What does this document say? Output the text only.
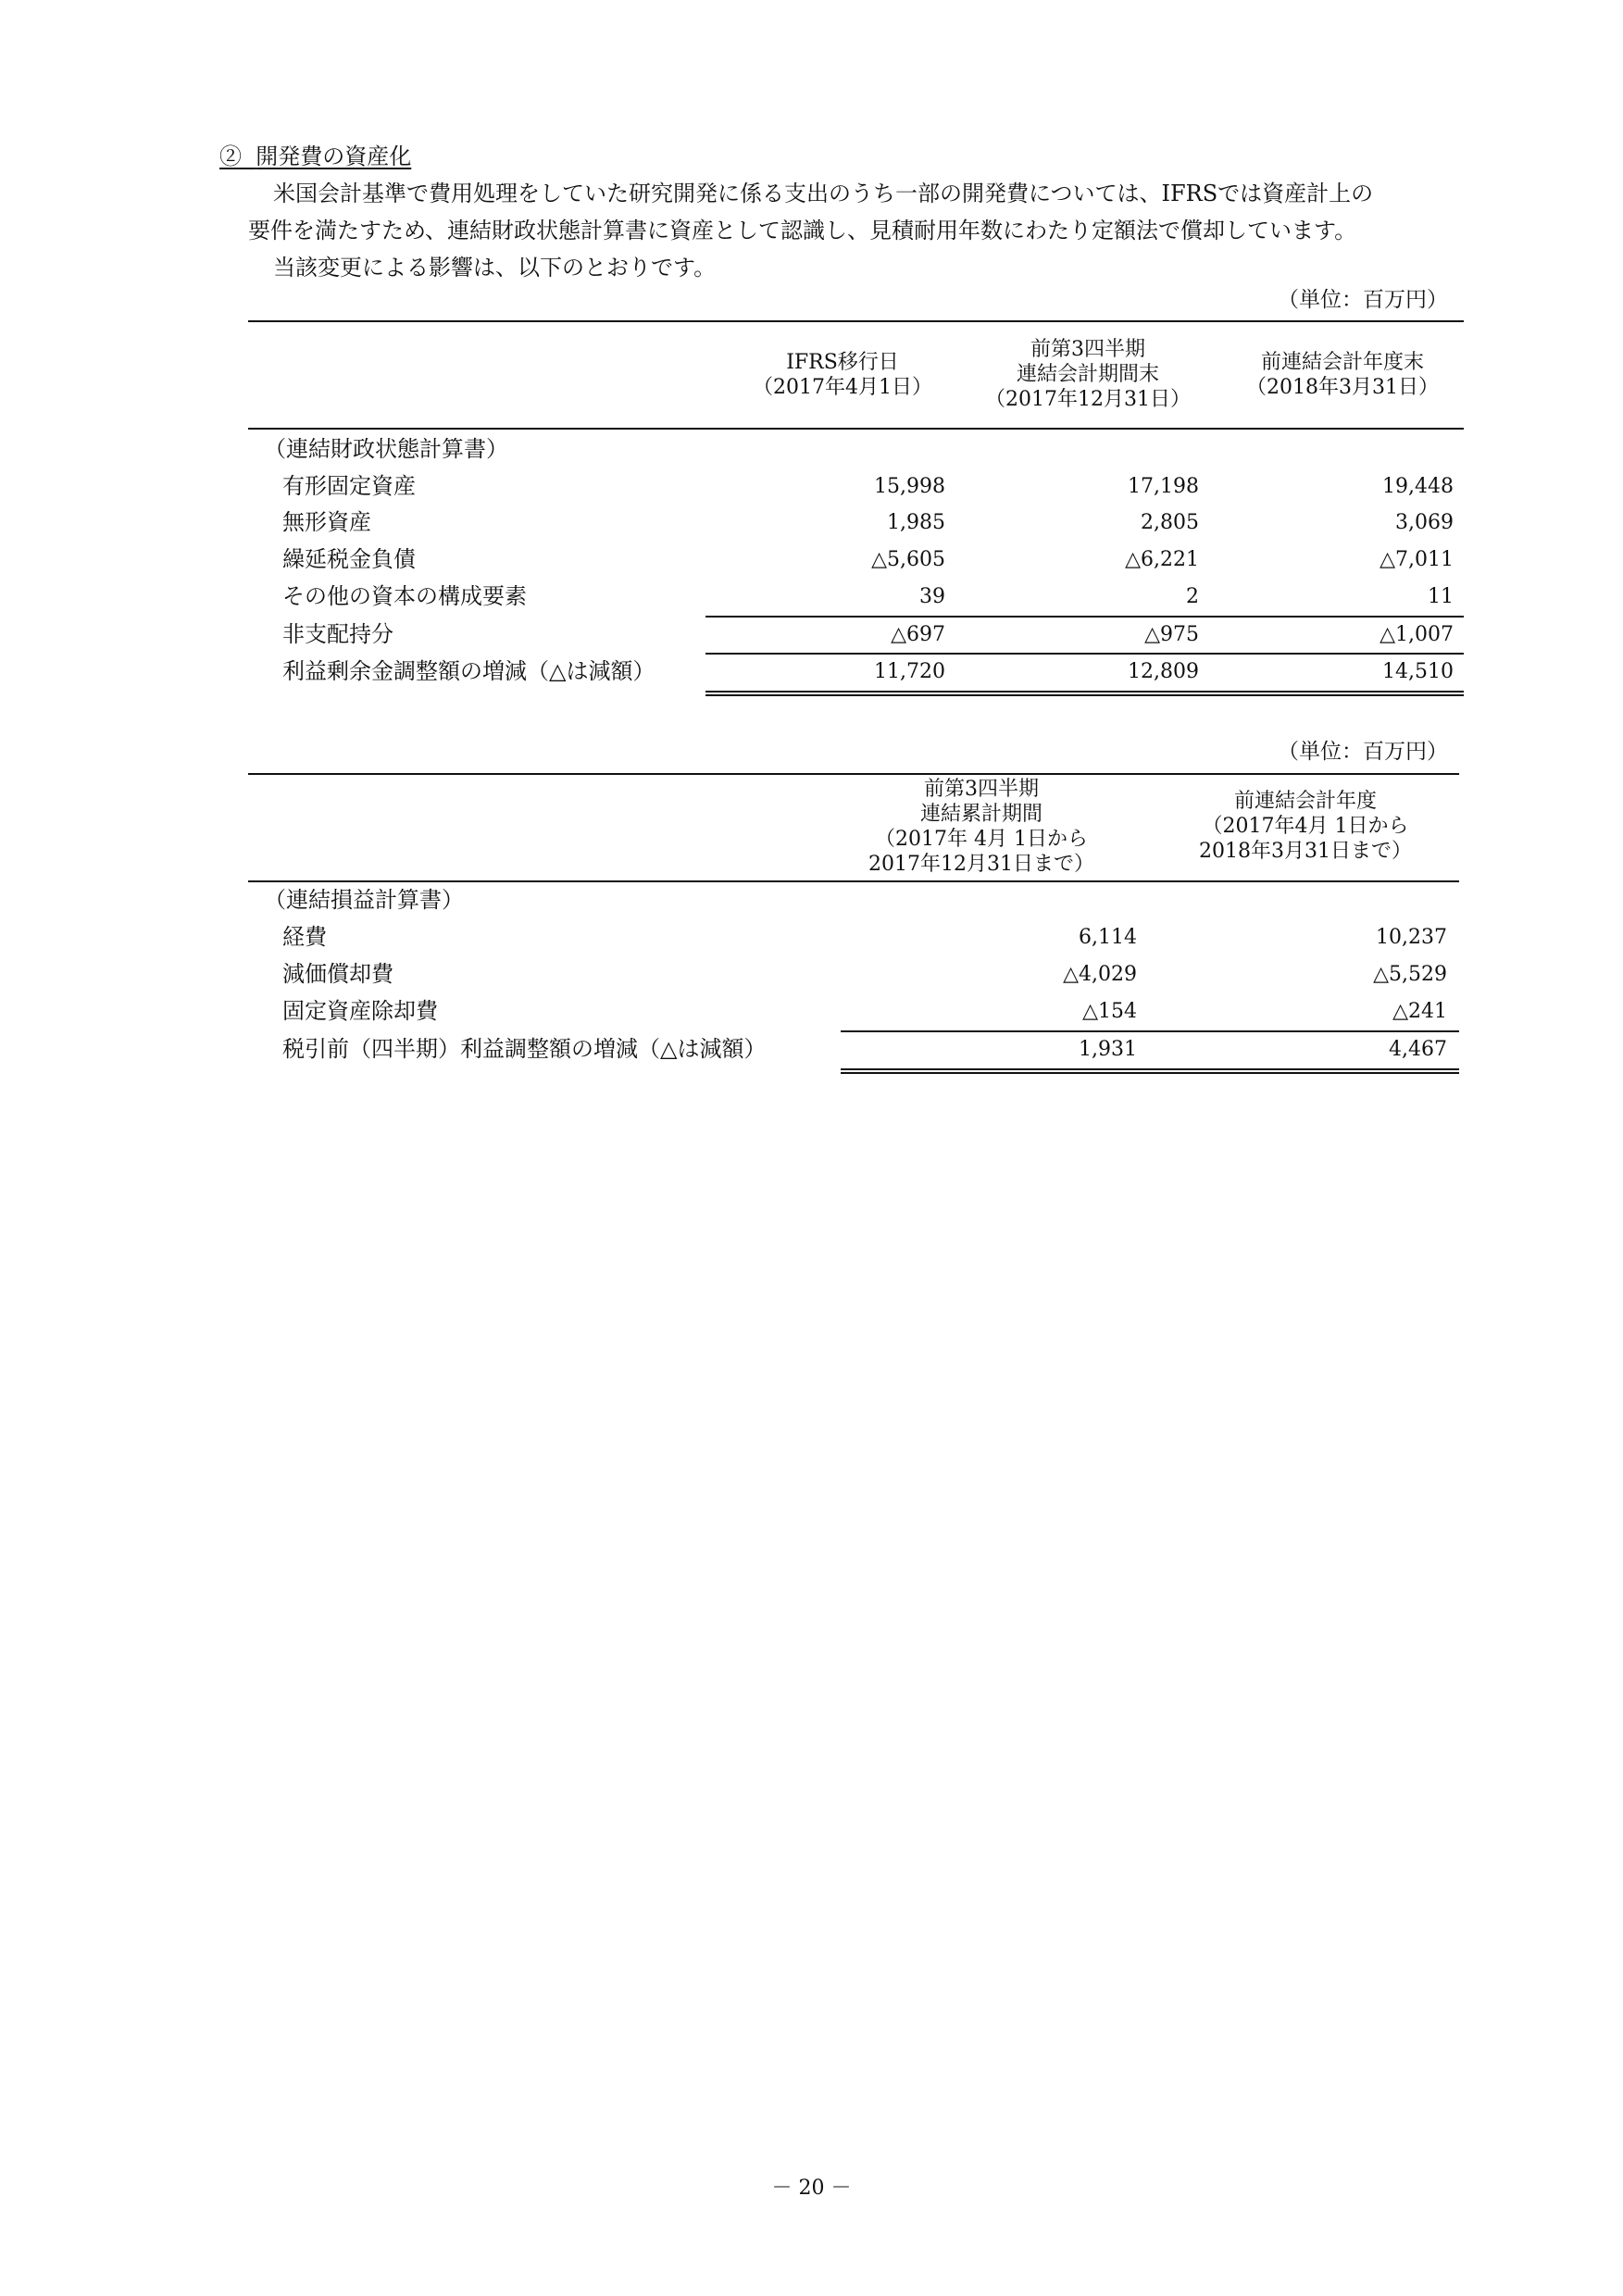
② 開発費の資産化
米国会計基準で費用処理をしていた研究開発に係る支出のうち一部の開発費については、IFRSでは資産計上の
要件を満たすため、連結財政状態計算書に資産として認識し、見積耐用年数にわたり定額法で償却しています。
当該変更による影響は、以下のとおりです。
（単位：百万円）
IFRS移行日
（2017年4月1日）
前第3四半期
連結会計期間末
（2017年12月31日）
前連結会計年度末
（2018年3月31日）
（連結財政状態計算書）
有形固定資産	15,998	17,198	19,448
無形資産	1,985	2,805	3,069
繰延税金負債	△5,605	△6,221	△7,011
その他の資本の構成要素	39	2	11
非支配持分	△697	△975	△1,007
利益剰余金調整額の増減（△は減額）	11,720	12,809	14,510
（単位：百万円）
前第3四半期
連結累計期間
（2017年 4月 1日から
2017年12月31日まで）
前連結会計年度
（2017年4月 1日から
2018年3月31日まで）
（連結損益計算書）
経費	6,114	10,237
減価償却費	△4,029	△5,529
固定資産除却費	△154	△241
税引前（四半期）利益調整額の増減（△は減額）	1,931	4,467
－ 20 －
